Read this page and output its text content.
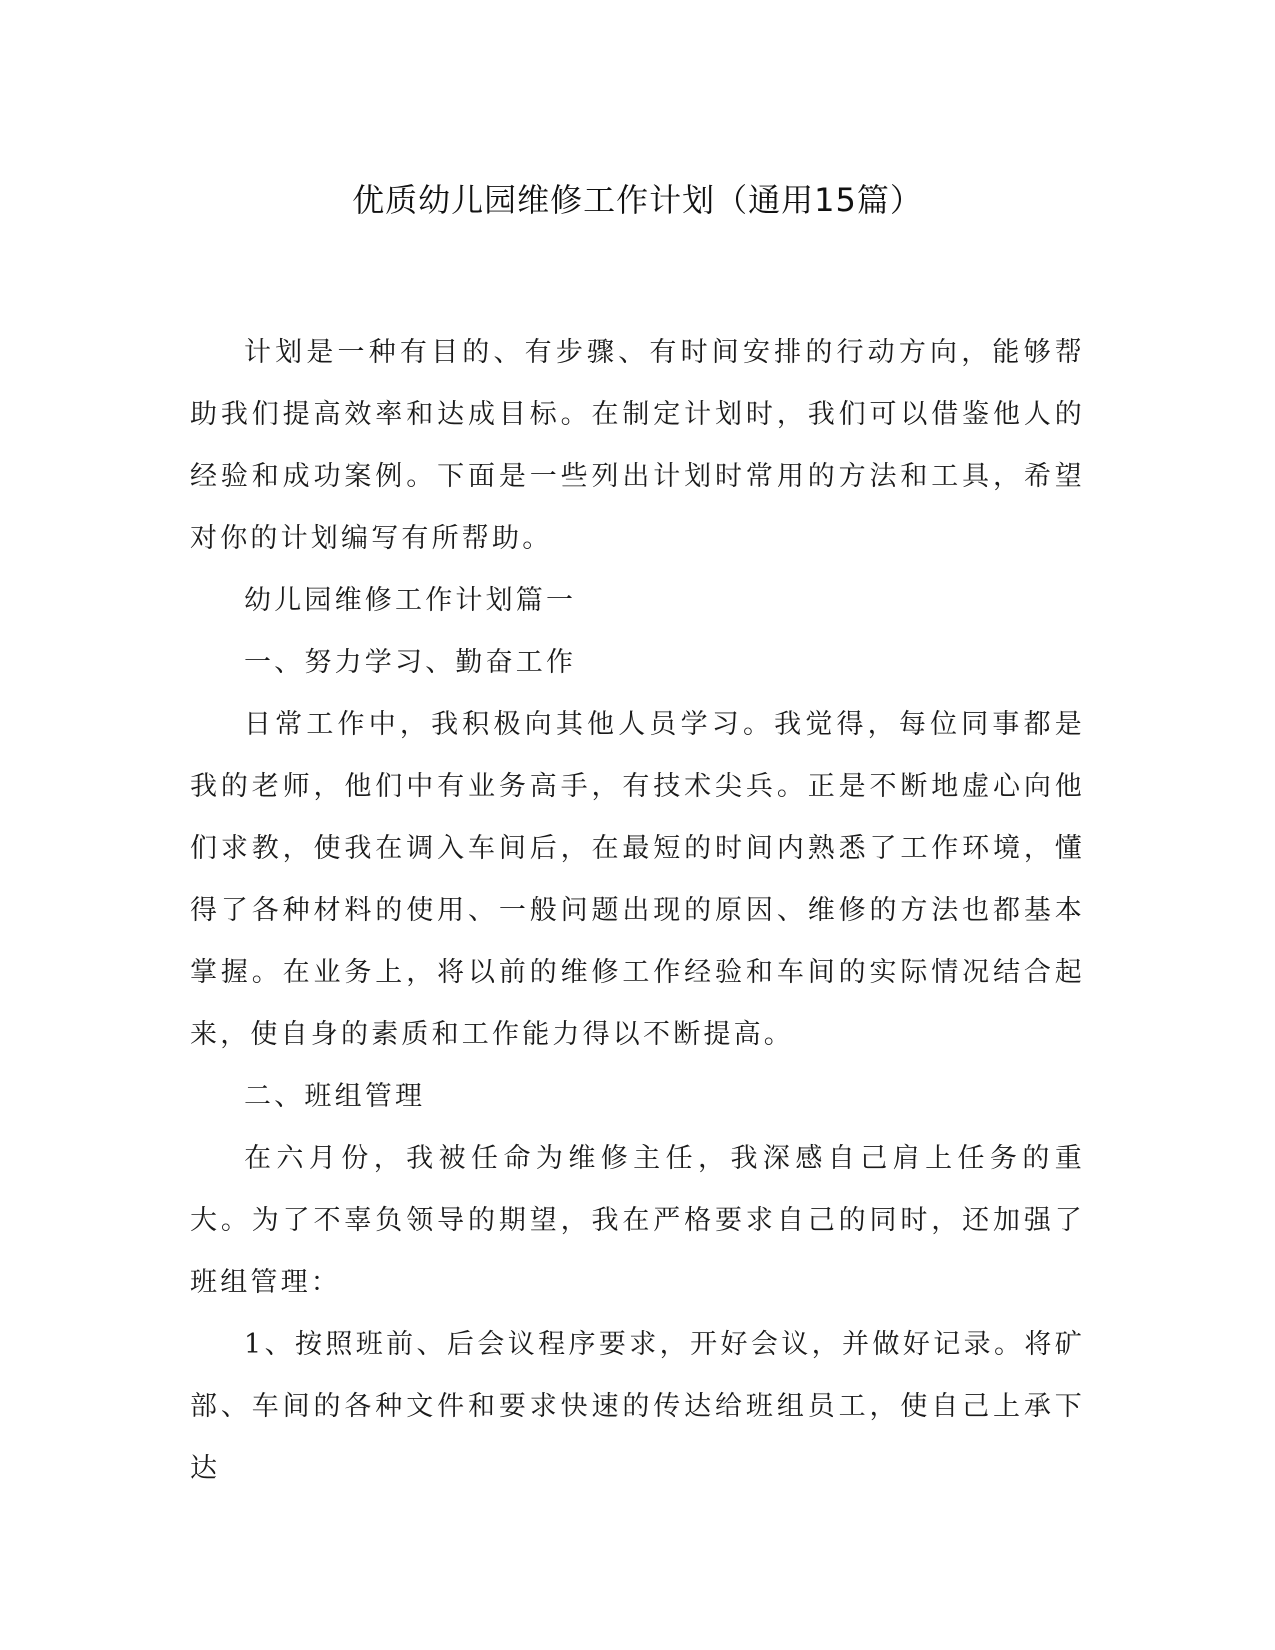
优质幼儿园维修工作计划（通用15篇）

计划是一种有目的、有步骤、有时间安排的行动方向，能够帮助我们提高效率和达成目标。在制定计划时，我们可以借鉴他人的经验和成功案例。下面是一些列出计划时常用的方法和工具，希望对你的计划编写有所帮助。

幼儿园维修工作计划篇一

一、努力学习、勤奋工作

日常工作中，我积极向其他人员学习。我觉得，每位同事都是我的老师，他们中有业务高手，有技术尖兵。正是不断地虚心向他们求教，使我在调入车间后，在最短的时间内熟悉了工作环境，懂得了各种材料的使用、一般问题出现的原因、维修的方法也都基本掌握。在业务上，将以前的维修工作经验和车间的实际情况结合起来，使自身的素质和工作能力得以不断提高。

二、班组管理

在六月份，我被任命为维修主任，我深感自己肩上任务的重大。为了不辜负领导的期望，我在严格要求自己的同时，还加强了班组管理：

1、按照班前、后会议程序要求，开好会议，并做好记录。将矿部、车间的各种文件和要求快速的传达给班组员工，使自己上承下达
